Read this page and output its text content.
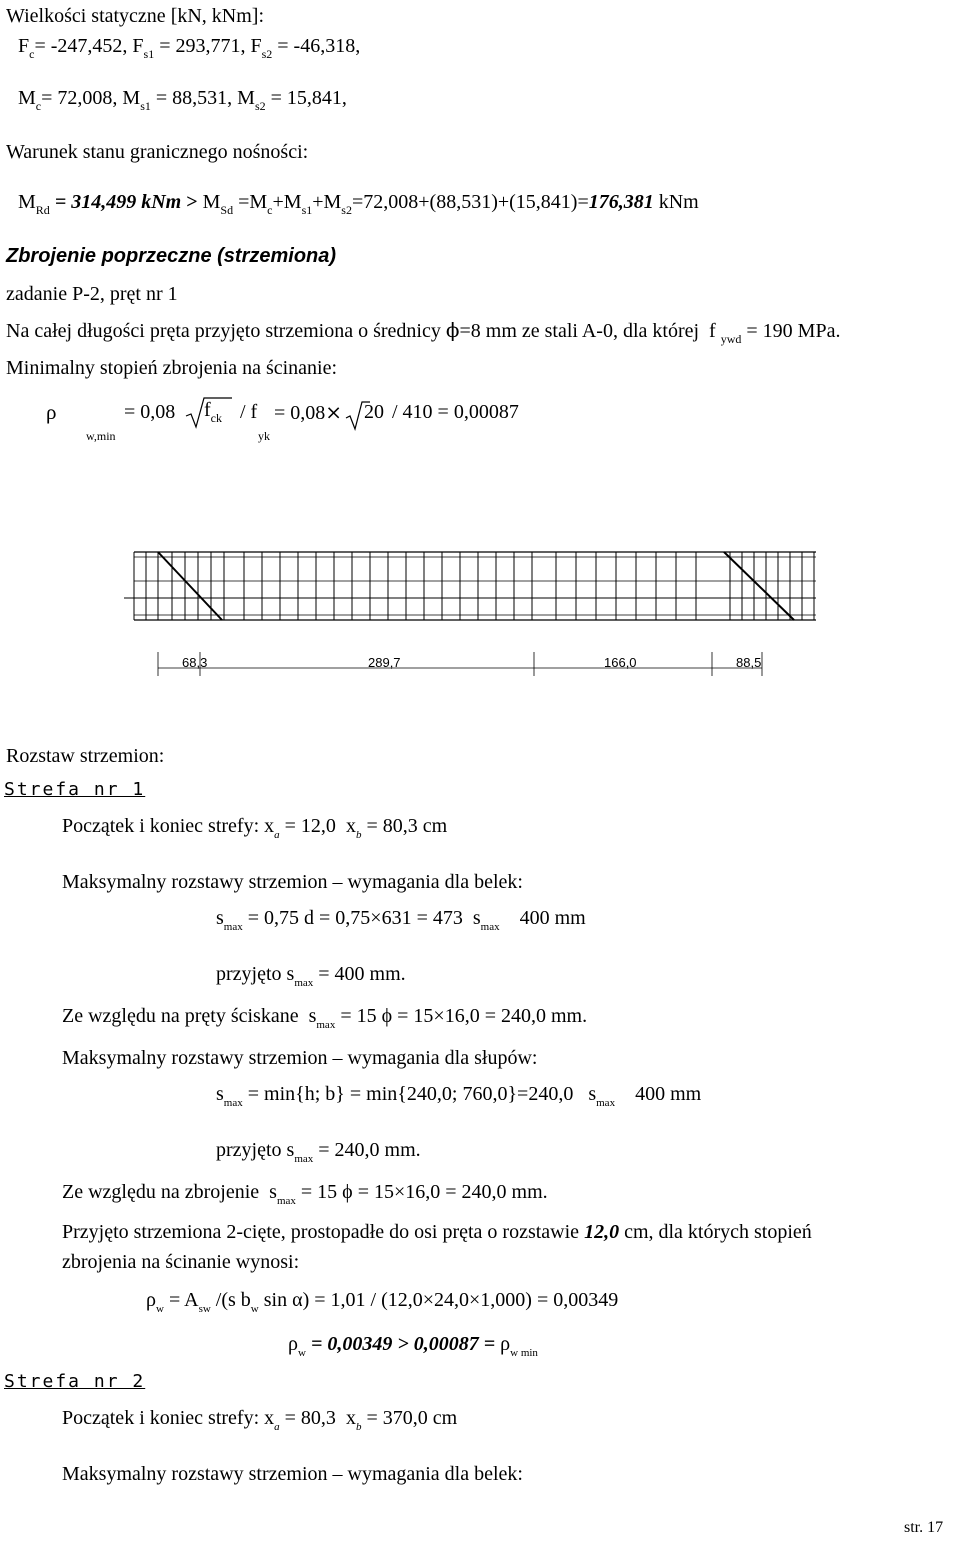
Wielkości statyczne [kN, kNm]:
$F_c= -247,452$, $F_{s1} = 293,771$, $F_{s2} = -46,318$,
$M_c= 72,008$, $M_{s1} = 88,531$, $M_{s2} = 15,841$,
Warunek stanu granicznego nośności:
$M_{Rd} = 314,499$ kNm > $M_{Sd} =M_c+M_{s1}+M_{s2}=72,008+(88,531)+(15,841)=176,381$ kNm
Zbrojenie poprzeczne (strzemiona)
zadanie P-2, pręt nr 1
Na całej długości pręta przyjęto strzemiona o średnicy ϕ=8 mm ze stali A-0, dla której  f $_{ywd}$ = 190 MPa.
Minimalny stopień zbrojenia na ścinanie:
ρ
w,min
= 0,08 $f_{ck}$ / f
yk
= 0,08× 20 / 410 = 0,00087
68,3	289,7	166,0	88,5
Rozstaw strzemion:
Strefa nr 1
Początek i koniec strefy: $x_a = 12,0$  $x_b = 80,3$ cm
Maksymalny rozstawy strzemion – wymagania dla belek:
$s_{max} = 0,75$ d = 0,75×631 = 473  $s_{max}$ 400 mm
przyjęto $s_{max} = 400$ mm.
Ze względu na pręty ściskane  $s_{max} = 15$ ϕ = 15×16,0 = 240,0 mm.
Maksymalny rozstawy strzemion – wymagania dla słupów:
$s_{max} = \min\{h$; b} = min{240,0; 760,0}=240,0   $s_{max}$ 400 mm
przyjęto $s_{max} = 240,0$ mm.
Ze względu na zbrojenie  $s_{max} = 15$ ϕ = 15×16,0 = 240,0 mm.
Przyjęto strzemiona 2-cięte, prostopadłe do osi pręta o rozstawie 12,0 cm, dla których stopień
zbrojenia na ścinanie wynosi:
$\rho_w = A_{sw}$ /(s $b_w$ sin α) = 1,01 / (12,0×24,0×1,000) = 0,00349
$\rho_w = 0,00349 > 0,00087 = \rho_{w min}$
Strefa nr 2
Początek i koniec strefy: $x_a = 80,3$  $x_b = 370,0$ cm
Maksymalny rozstawy strzemion – wymagania dla belek:
str. 17
